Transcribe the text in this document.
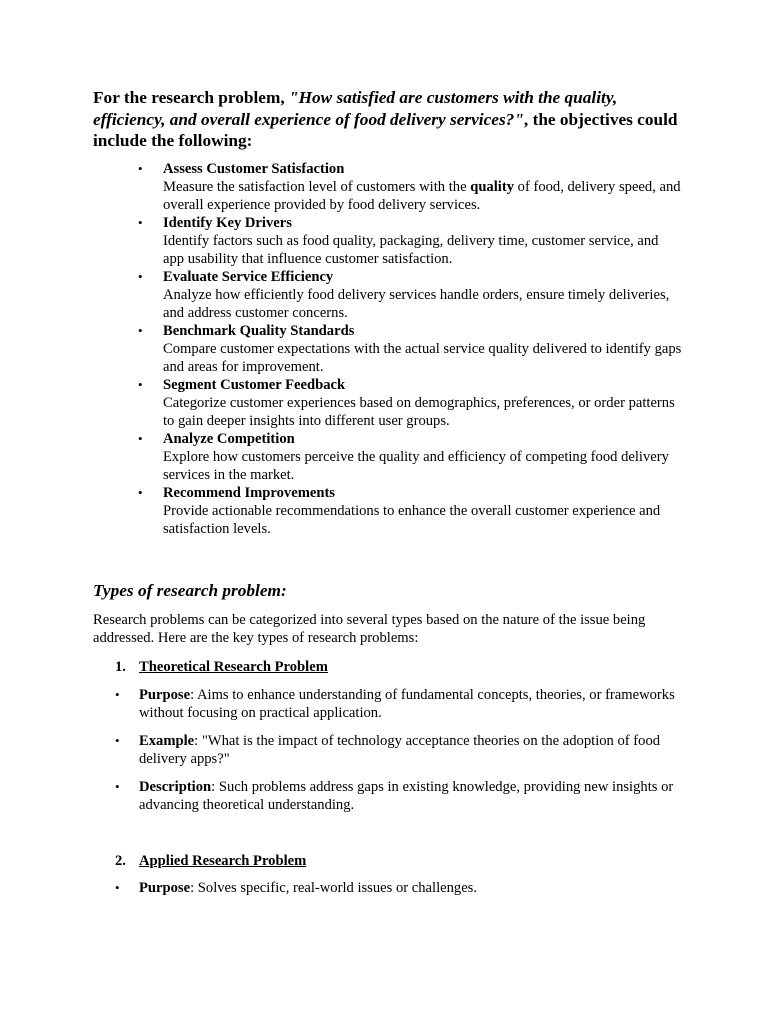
For the research problem, "How satisfied are customers with the quality, efficiency, and overall experience of food delivery services?", the objectives could include the following:
• Assess Customer Satisfaction
Measure the satisfaction level of customers with the quality of food, delivery speed, and overall experience provided by food delivery services.
• Identify Key Drivers
Identify factors such as food quality, packaging, delivery time, customer service, and app usability that influence customer satisfaction.
• Evaluate Service Efficiency
Analyze how efficiently food delivery services handle orders, ensure timely deliveries, and address customer concerns.
• Benchmark Quality Standards
Compare customer expectations with the actual service quality delivered to identify gaps and areas for improvement.
• Segment Customer Feedback
Categorize customer experiences based on demographics, preferences, or order patterns to gain deeper insights into different user groups.
• Analyze Competition
Explore how customers perceive the quality and efficiency of competing food delivery services in the market.
• Recommend Improvements
Provide actionable recommendations to enhance the overall customer experience and satisfaction levels.
Types of research problem:
Research problems can be categorized into several types based on the nature of the issue being addressed. Here are the key types of research problems:
1. Theoretical Research Problem
• Purpose: Aims to enhance understanding of fundamental concepts, theories, or frameworks without focusing on practical application.
• Example: "What is the impact of technology acceptance theories on the adoption of food delivery apps?"
• Description: Such problems address gaps in existing knowledge, providing new insights or advancing theoretical understanding.
2. Applied Research Problem
• Purpose: Solves specific, real-world issues or challenges.
